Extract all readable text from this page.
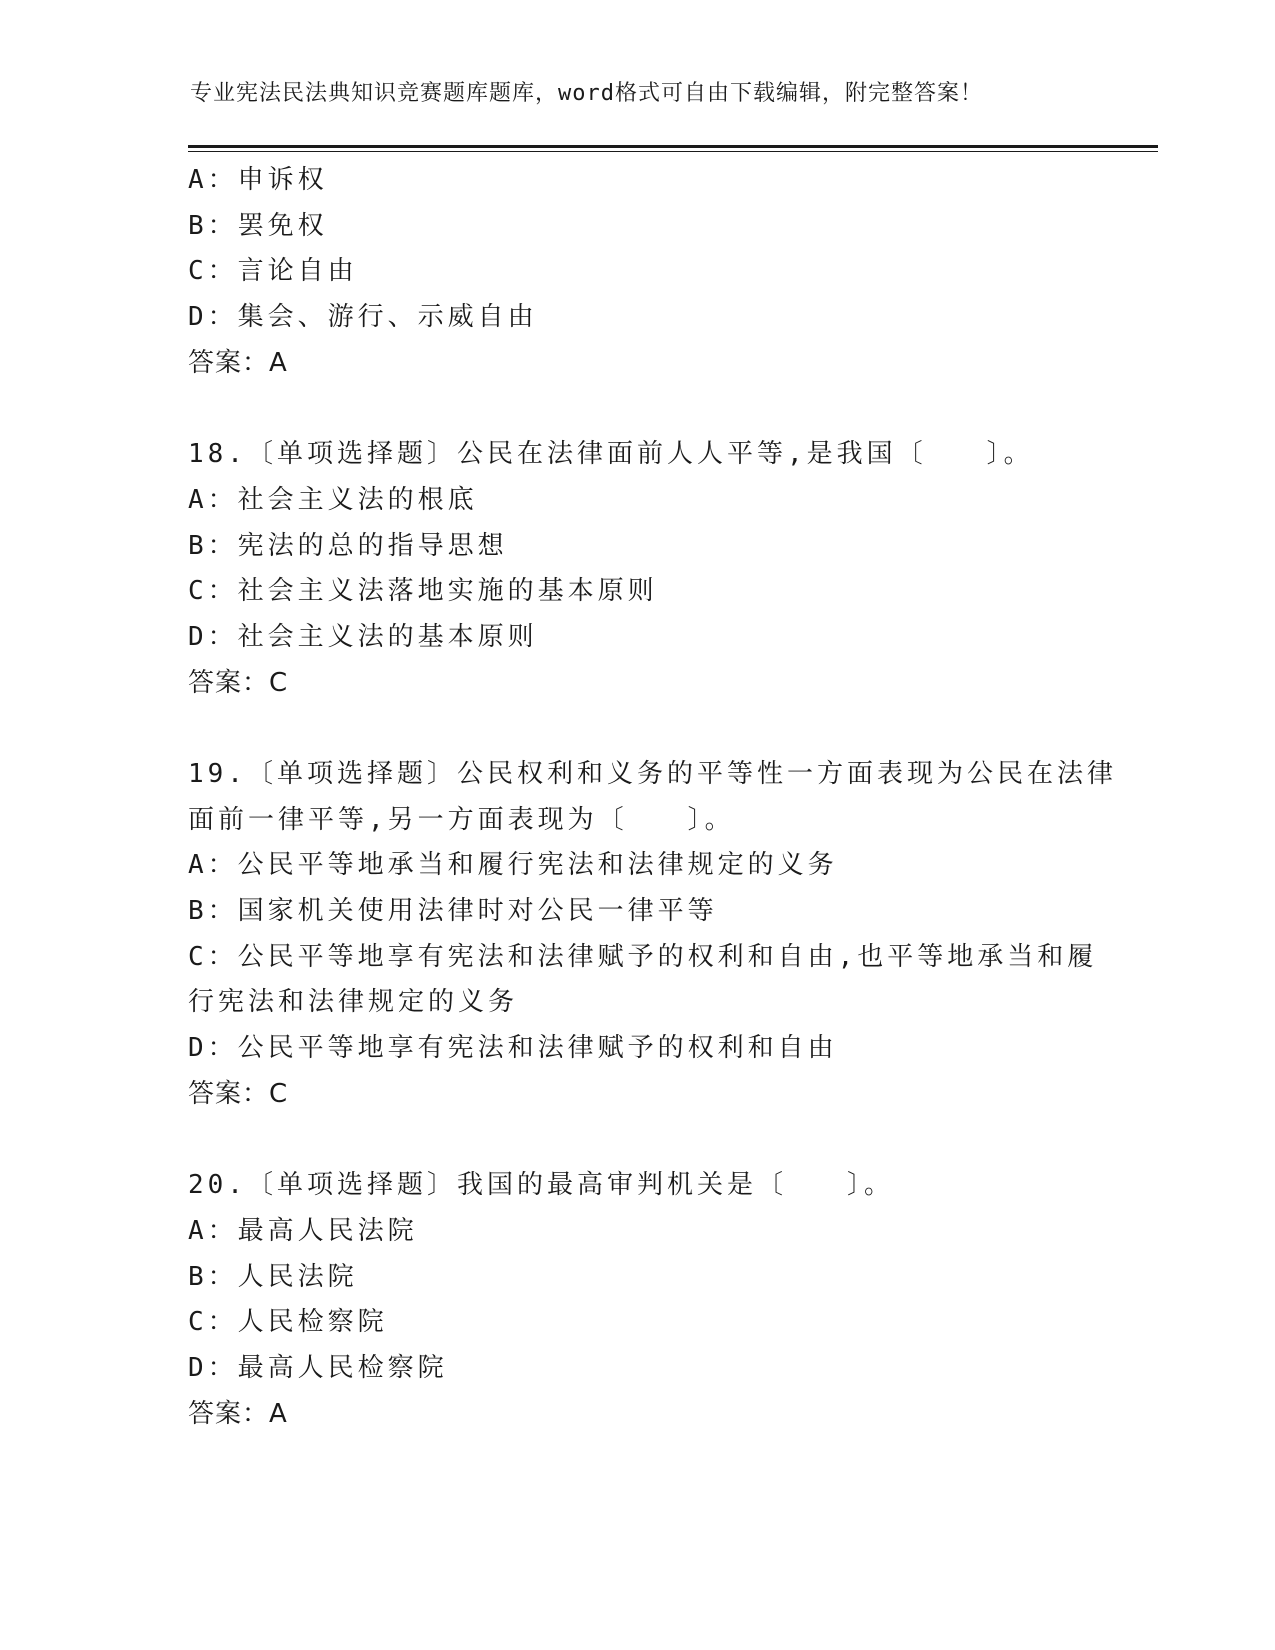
专业宪法民法典知识竞赛题库题库，word格式可自由下载编辑，附完整答案！
A：申诉权
B：罢免权
C：言论自由
D：集会、游行、示威自由
答案：A
18.〔单项选择题〕公民在法律面前人人平等,是我国〔　　〕。
A：社会主义法的根底
B：宪法的总的指导思想
C：社会主义法落地实施的基本原则
D：社会主义法的基本原则
答案：C
19.〔单项选择题〕公民权利和义务的平等性一方面表现为公民在法律
面前一律平等,另一方面表现为〔　　〕。
A：公民平等地承当和履行宪法和法律规定的义务
B：国家机关使用法律时对公民一律平等
C：公民平等地享有宪法和法律赋予的权利和自由,也平等地承当和履
行宪法和法律规定的义务
D：公民平等地享有宪法和法律赋予的权利和自由
答案：C
20.〔单项选择题〕我国的最高审判机关是〔　　〕。
A：最高人民法院
B：人民法院
C：人民检察院
D：最高人民检察院
答案：A
